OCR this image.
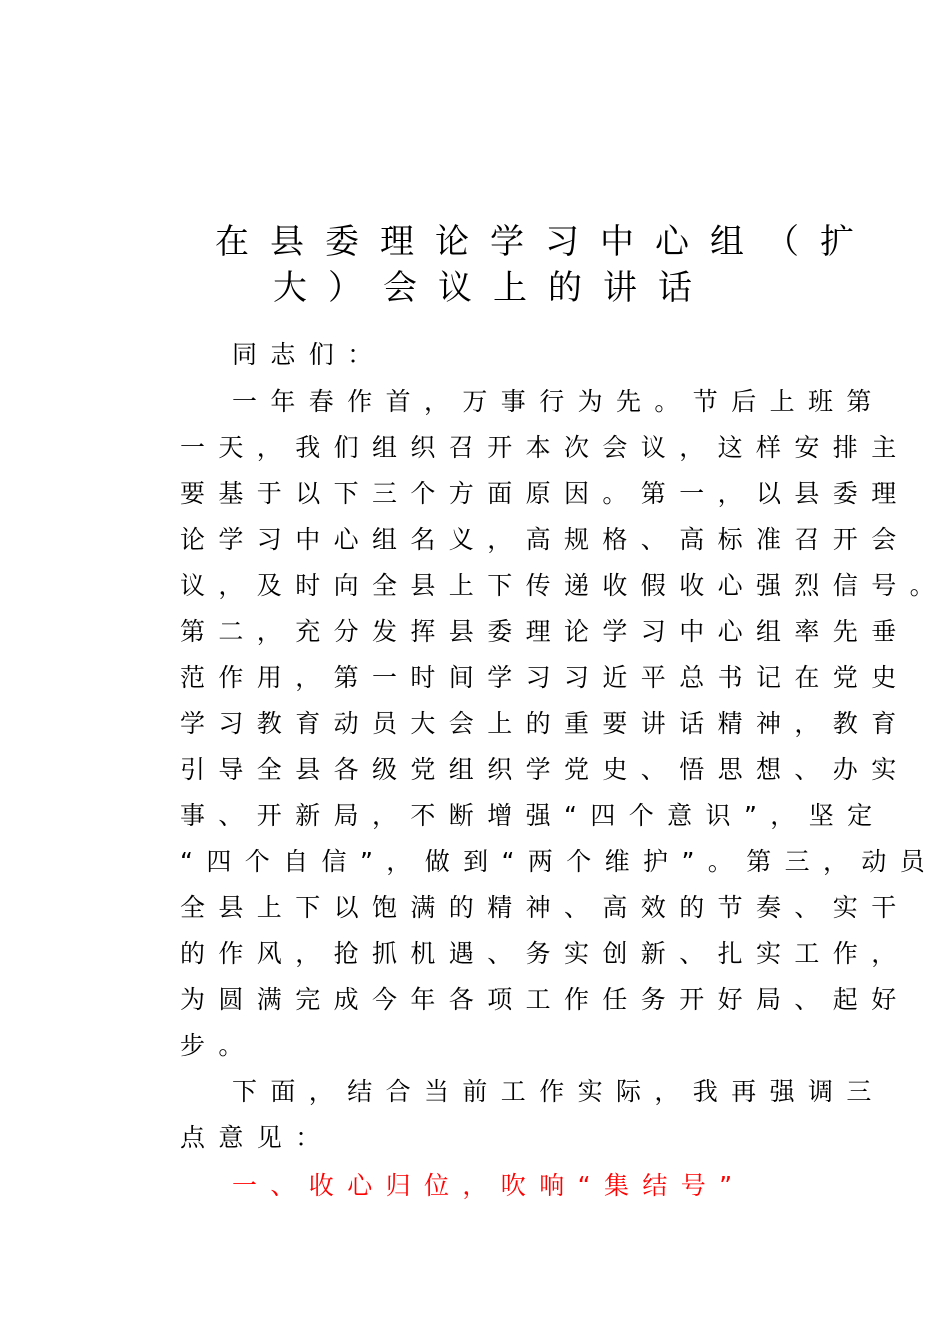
在县委理论学习中心组（扩
大）会议上的讲话
同志们：
一年春作首，万事行为先。节后上班第
一天，我们组织召开本次会议，这样安排主
要基于以下三个方面原因。第一，以县委理
论学习中心组名义，高规格、高标准召开会
议，及时向全县上下传递收假收心强烈信号。
第二，充分发挥县委理论学习中心组率先垂
范作用，第一时间学习习近平总书记在党史
学习教育动员大会上的重要讲话精神，教育
引导全县各级党组织学党史、悟思想、办实
事、开新局，不断增强“四个意识”，坚定
“四个自信”，做到“两个维护”。第三，动员
全县上下以饱满的精神、高效的节奏、实干
的作风，抢抓机遇、务实创新、扎实工作，
为圆满完成今年各项工作任务开好局、起好
步。
下面，结合当前工作实际，我再强调三
点意见：
一、收心归位，吹响“集结号”
